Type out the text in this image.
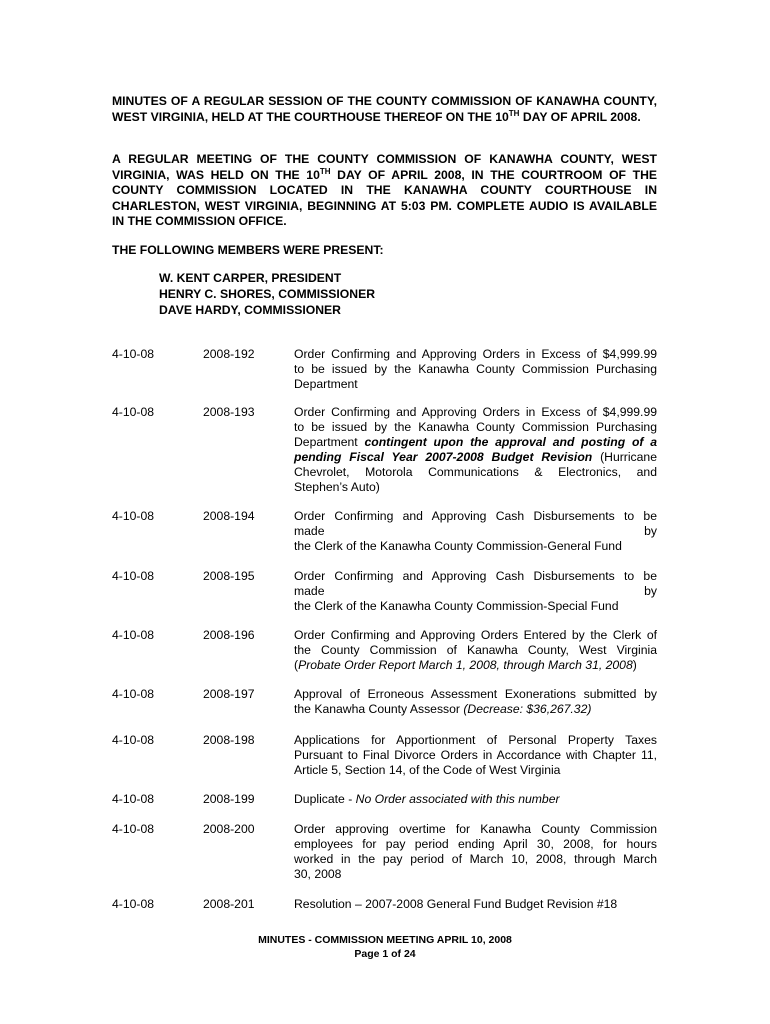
MINUTES OF A REGULAR SESSION OF THE COUNTY COMMISSION OF KANAWHA COUNTY, WEST VIRGINIA, HELD AT THE COURTHOUSE THEREOF ON THE 10TH DAY OF APRIL 2008.
A REGULAR MEETING OF THE COUNTY COMMISSION OF KANAWHA COUNTY, WEST VIRGINIA, WAS HELD ON THE 10TH DAY OF APRIL 2008, IN THE COURTROOM OF THE COUNTY COMMISSION LOCATED IN THE KANAWHA COUNTY COURTHOUSE IN CHARLESTON, WEST VIRGINIA, BEGINNING AT 5:03 PM. COMPLETE AUDIO IS AVAILABLE IN THE COMMISSION OFFICE.
THE FOLLOWING MEMBERS WERE PRESENT:
W. KENT CARPER, PRESIDENT
HENRY C. SHORES, COMMISSIONER
DAVE HARDY, COMMISSIONER
4-10-08	2008-192	Order Confirming and Approving Orders in Excess of $4,999.99
to be issued by the Kanawha County Commission Purchasing
Department
4-10-08	2008-193	Order Confirming and Approving Orders in Excess of $4,999.99
to be issued by the Kanawha County Commission Purchasing
Department contingent upon the approval and posting of a
pending Fiscal Year 2007-2008 Budget Revision (Hurricane
Chevrolet, Motorola Communications & Electronics, and
Stephen’s Auto)
4-10-08	2008-194	Order Confirming and Approving Cash Disbursements to be
made by
the Clerk of the Kanawha County Commission-General Fund
4-10-08	2008-195	Order Confirming and Approving Cash Disbursements to be
made by
the Clerk of the Kanawha County Commission-Special Fund
4-10-08	2008-196	Order Confirming and Approving Orders Entered by the Clerk of
the County Commission of Kanawha County, West Virginia
(Probate Order Report March 1, 2008, through March 31, 2008)
4-10-08	2008-197	Approval of Erroneous Assessment Exonerations submitted by
the Kanawha County Assessor (Decrease: $36,267.32)
4-10-08	2008-198	Applications for Apportionment of Personal Property Taxes
Pursuant to Final Divorce Orders in Accordance with Chapter 11,
Article 5, Section 14, of the Code of West Virginia
4-10-08	2008-199	Duplicate - No Order associated with this number
4-10-08	2008-200	Order approving overtime for Kanawha County Commission
employees for pay period ending April 30, 2008, for hours
worked in the pay period of March 10, 2008, through March
30, 2008
4-10-08	2008-201	Resolution – 2007-2008 General Fund Budget Revision #18
MINUTES - COMMISSION MEETING APRIL 10, 2008
Page 1 of 24
